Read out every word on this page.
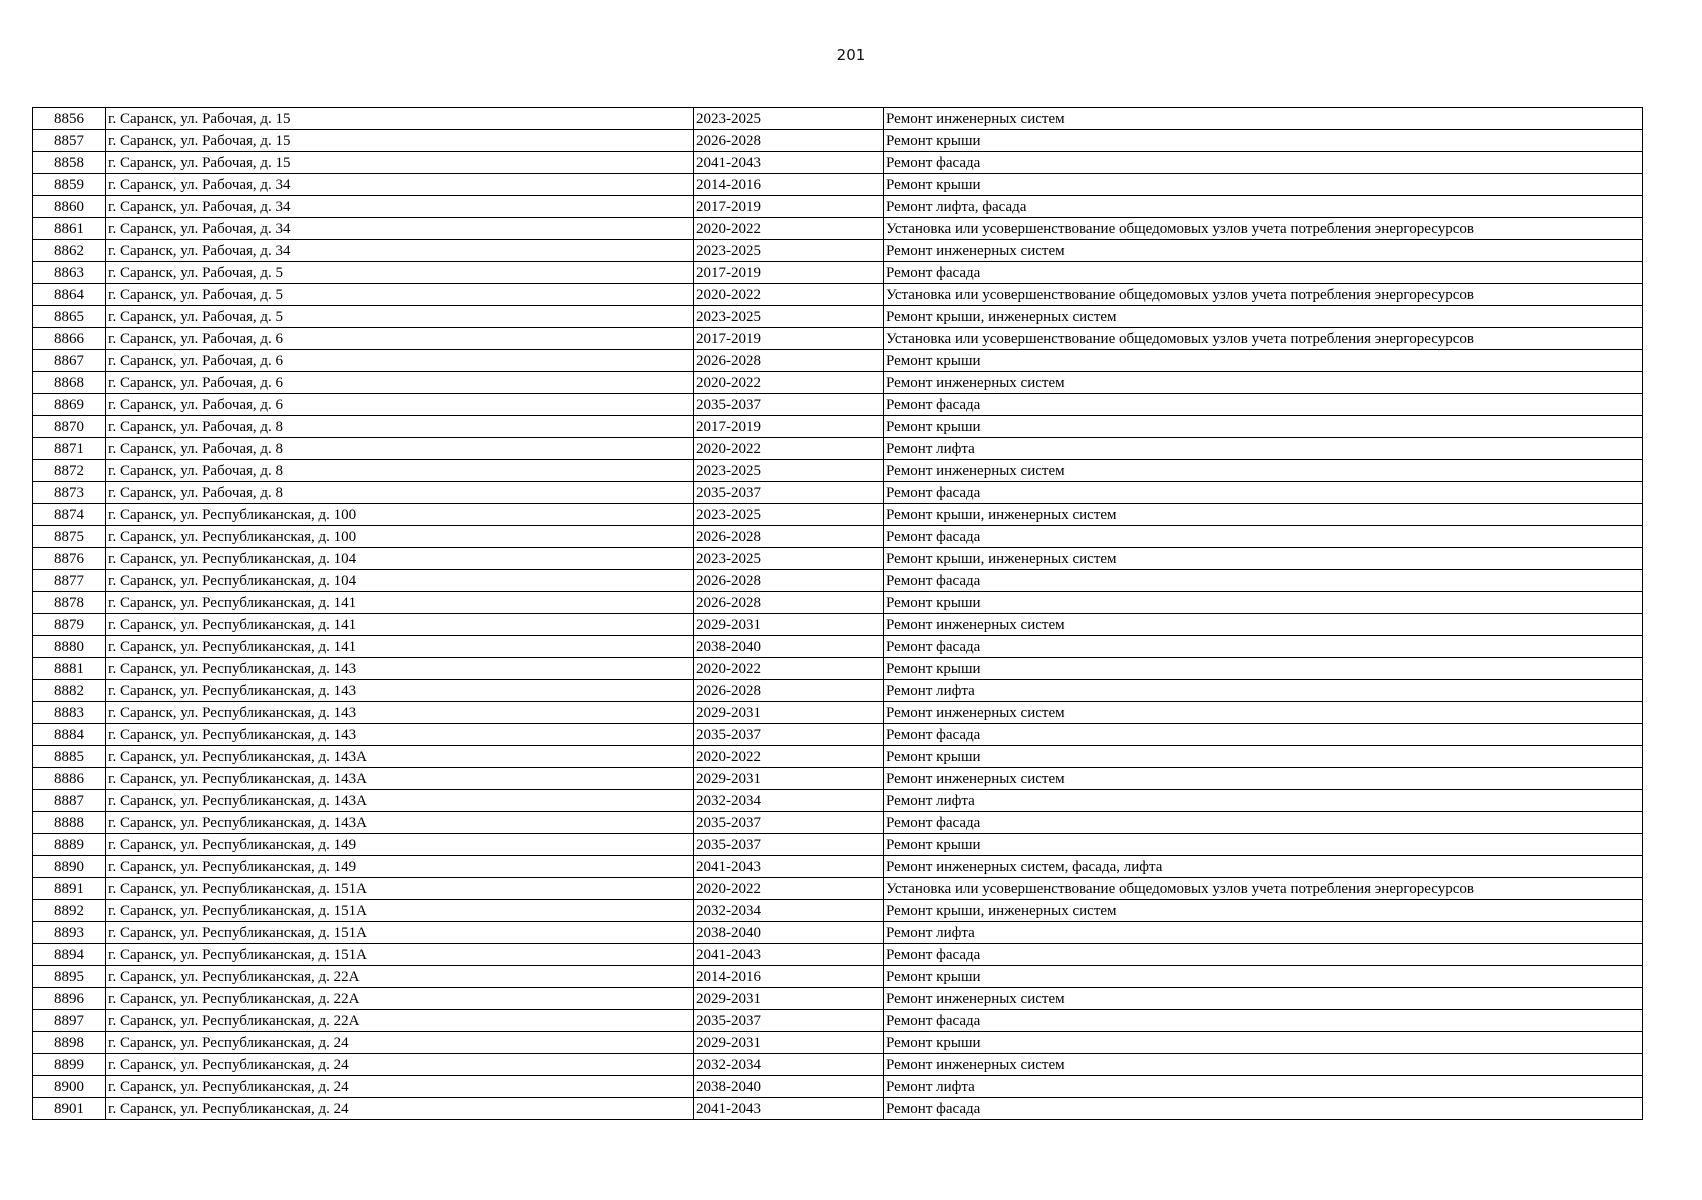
201
8856	г. Саранск, ул. Рабочая, д. 15	2023-2025	Ремонт инженерных систем
8857	г. Саранск, ул. Рабочая, д. 15	2026-2028	Ремонт крыши
8858	г. Саранск, ул. Рабочая, д. 15	2041-2043	Ремонт фасада
8859	г. Саранск, ул. Рабочая, д. 34	2014-2016	Ремонт крыши
8860	г. Саранск, ул. Рабочая, д. 34	2017-2019	Ремонт лифта, фасада
8861	г. Саранск, ул. Рабочая, д. 34	2020-2022	Установка или усовершенствование общедомовых узлов учета потребления энергоресурсов
8862	г. Саранск, ул. Рабочая, д. 34	2023-2025	Ремонт инженерных систем
8863	г. Саранск, ул. Рабочая, д. 5	2017-2019	Ремонт фасада
8864	г. Саранск, ул. Рабочая, д. 5	2020-2022	Установка или усовершенствование общедомовых узлов учета потребления энергоресурсов
8865	г. Саранск, ул. Рабочая, д. 5	2023-2025	Ремонт крыши, инженерных систем
8866	г. Саранск, ул. Рабочая, д. 6	2017-2019	Установка или усовершенствование общедомовых узлов учета потребления энергоресурсов
8867	г. Саранск, ул. Рабочая, д. 6	2026-2028	Ремонт крыши
8868	г. Саранск, ул. Рабочая, д. 6	2020-2022	Ремонт инженерных систем
8869	г. Саранск, ул. Рабочая, д. 6	2035-2037	Ремонт фасада
8870	г. Саранск, ул. Рабочая, д. 8	2017-2019	Ремонт крыши
8871	г. Саранск, ул. Рабочая, д. 8	2020-2022	Ремонт лифта
8872	г. Саранск, ул. Рабочая, д. 8	2023-2025	Ремонт инженерных систем
8873	г. Саранск, ул. Рабочая, д. 8	2035-2037	Ремонт фасада
8874	г. Саранск, ул. Республиканская, д. 100	2023-2025	Ремонт крыши, инженерных систем
8875	г. Саранск, ул. Республиканская, д. 100	2026-2028	Ремонт фасада
8876	г. Саранск, ул. Республиканская, д. 104	2023-2025	Ремонт крыши, инженерных систем
8877	г. Саранск, ул. Республиканская, д. 104	2026-2028	Ремонт фасада
8878	г. Саранск, ул. Республиканская, д. 141	2026-2028	Ремонт крыши
8879	г. Саранск, ул. Республиканская, д. 141	2029-2031	Ремонт инженерных систем
8880	г. Саранск, ул. Республиканская, д. 141	2038-2040	Ремонт фасада
8881	г. Саранск, ул. Республиканская, д. 143	2020-2022	Ремонт крыши
8882	г. Саранск, ул. Республиканская, д. 143	2026-2028	Ремонт лифта
8883	г. Саранск, ул. Республиканская, д. 143	2029-2031	Ремонт инженерных систем
8884	г. Саранск, ул. Республиканская, д. 143	2035-2037	Ремонт фасада
8885	г. Саранск, ул. Республиканская, д. 143А	2020-2022	Ремонт крыши
8886	г. Саранск, ул. Республиканская, д. 143А	2029-2031	Ремонт инженерных систем
8887	г. Саранск, ул. Республиканская, д. 143А	2032-2034	Ремонт лифта
8888	г. Саранск, ул. Республиканская, д. 143А	2035-2037	Ремонт фасада
8889	г. Саранск, ул. Республиканская, д. 149	2035-2037	Ремонт крыши
8890	г. Саранск, ул. Республиканская, д. 149	2041-2043	Ремонт инженерных систем, фасада, лифта
8891	г. Саранск, ул. Республиканская, д. 151А	2020-2022	Установка или усовершенствование общедомовых узлов учета потребления энергоресурсов
8892	г. Саранск, ул. Республиканская, д. 151А	2032-2034	Ремонт крыши, инженерных систем
8893	г. Саранск, ул. Республиканская, д. 151А	2038-2040	Ремонт лифта
8894	г. Саранск, ул. Республиканская, д. 151А	2041-2043	Ремонт фасада
8895	г. Саранск, ул. Республиканская, д. 22А	2014-2016	Ремонт крыши
8896	г. Саранск, ул. Республиканская, д. 22А	2029-2031	Ремонт инженерных систем
8897	г. Саранск, ул. Республиканская, д. 22А	2035-2037	Ремонт фасада
8898	г. Саранск, ул. Республиканская, д. 24	2029-2031	Ремонт крыши
8899	г. Саранск, ул. Республиканская, д. 24	2032-2034	Ремонт инженерных систем
8900	г. Саранск, ул. Республиканская, д. 24	2038-2040	Ремонт лифта
8901	г. Саранск, ул. Республиканская, д. 24	2041-2043	Ремонт фасада
